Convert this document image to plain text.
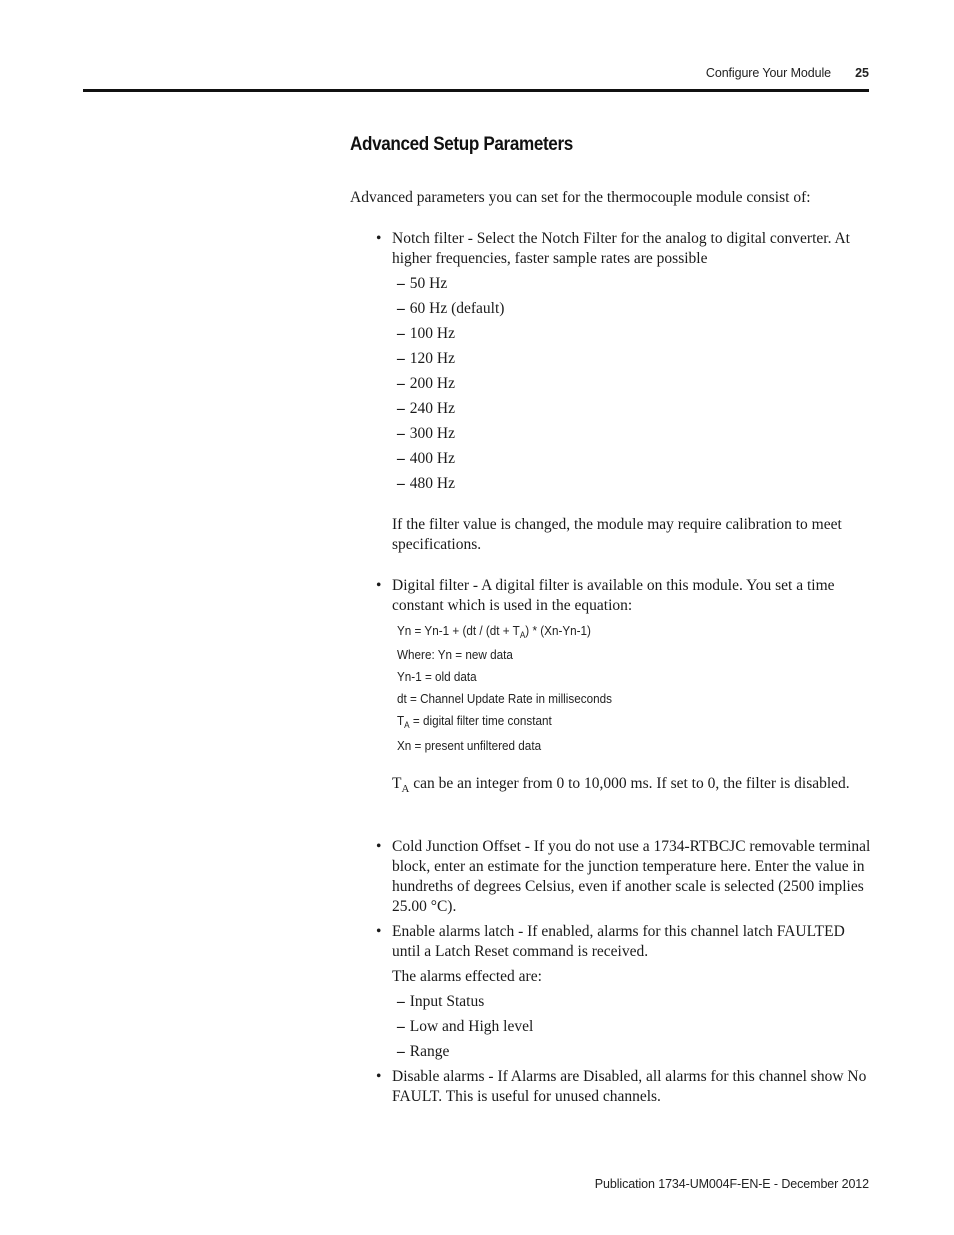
Configure Your Module 25
Advanced Setup Parameters
Advanced parameters you can set for the thermocouple module consist of:
• Notch filter - Select the Notch Filter for the analog to digital converter. At higher frequencies, faster sample rates are possible
– 50 Hz
– 60 Hz (default)
– 100 Hz
– 120 Hz
– 200 Hz
– 240 Hz
– 300 Hz
– 400 Hz
– 480 Hz
If the filter value is changed, the module may require calibration to meet specifications.
• Digital filter - A digital filter is available on this module. You set a time constant which is used in the equation:
$Yn = Yn-1 + (dt / (dt + T_A) * (Xn-Yn-1)$
Where: Yn = new data
Yn-1 = old data
dt = Channel Update Rate in milliseconds
$T_A$ = digital filter time constant
Xn = present unfiltered data
$T_A$ can be an integer from 0 to 10,000 ms. If set to 0, the filter is disabled.
• Cold Junction Offset - If you do not use a 1734-RTBCJC removable terminal block, enter an estimate for the junction temperature here. Enter the value in hundreths of degrees Celsius, even if another scale is selected (2500 implies 25.00 °C).
• Enable alarms latch - If enabled, alarms for this channel latch FAULTED until a Latch Reset command is received.
The alarms effected are:
– Input Status
– Low and High level
– Range
• Disable alarms - If Alarms are Disabled, all alarms for this channel show No FAULT. This is useful for unused channels.
Publication 1734-UM004F-EN-E - December 2012
